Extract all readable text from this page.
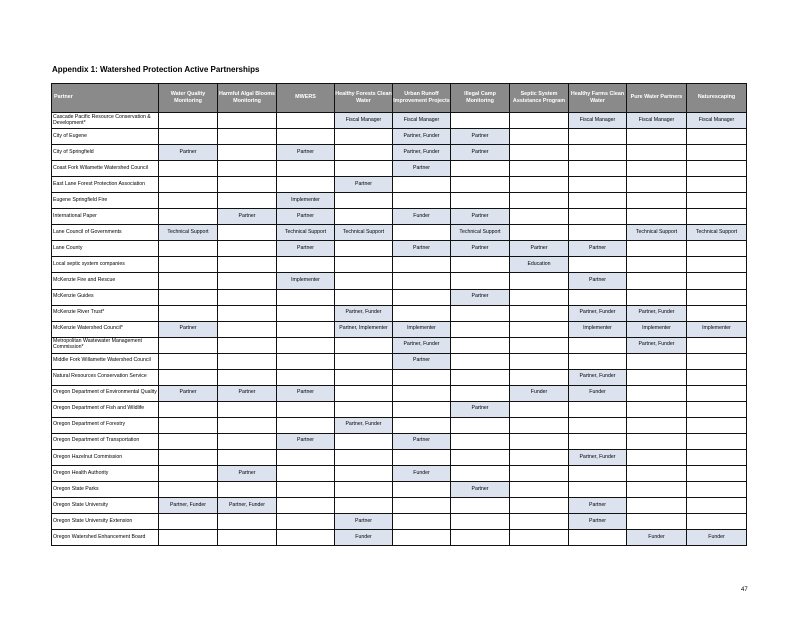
Appendix 1: Watershed Protection Active Partnerships
Partner	Water Quality Monitoring	Harmful Algal Blooms Monitoring	MWERS	Healthy Forests Clean Water	Urban Runoff Improvement Projects	Illegal Camp Monitoring	Septic System Assistance Program	Healthy Farms Clean Water	Pure Water Partners	Naturescaping
Cascade Pacific Resource Conservation & Development*				Fiscal Manager	Fiscal Manager			Fiscal Manager	Fiscal Manager	Fiscal Manager
City of Eugene					Partner, Funder	Partner				
City of Springfield	Partner		Partner		Partner, Funder	Partner				
Coast Fork Wilamette Watershed Council					Partner					
East Lane Forest Protection Association				Partner						
Eugene Springfield Fire			Implementer							
International Paper		Partner	Partner		Funder	Partner				
Lane Council of Governments	Technical Support		Technical Support	Technical Support		Technical Support			Technical Support	Technical Support
Lane County			Partner		Partner	Partner	Partner	Partner		
Local septic system companies							Education			
McKenzie Fire and Rescue			Implementer					Partner		
McKenzie Guides						Partner				
McKenzie River Trust*				Partner, Funder				Partner, Funder	Partner, Funder	
McKenzie Watershed Council*	Partner			Partner, Implementer	Implementer			Implementer	Implementer	Implementer
Metropolitan Wastewater Management Commission*					Partner, Funder				Partner, Funder	
Middle Fork Willamette Watershed Council					Partner					
Natural Resources Conservation Service								Partner, Funder		
Oregon Department of Environmental Quality	Partner	Partner	Partner				Funder	Funder		
Oregon Department of Fish and Wildlife						Partner				
Oregon Department of Forestry				Partner, Funder						
Oregon Department of Transportation			Partner		Partner					
Oregon Hazelnut Commission								Partner, Funder		
Oregon Health Authority		Partner			Funder					
Oregon State Parks						Partner				
Oregon State University	Partner, Funder	Partner, Funder						Partner		
Oregon State University Extension				Partner				Partner		
Oregon Watershed Enhancement Board				Funder					Funder	Funder
47
